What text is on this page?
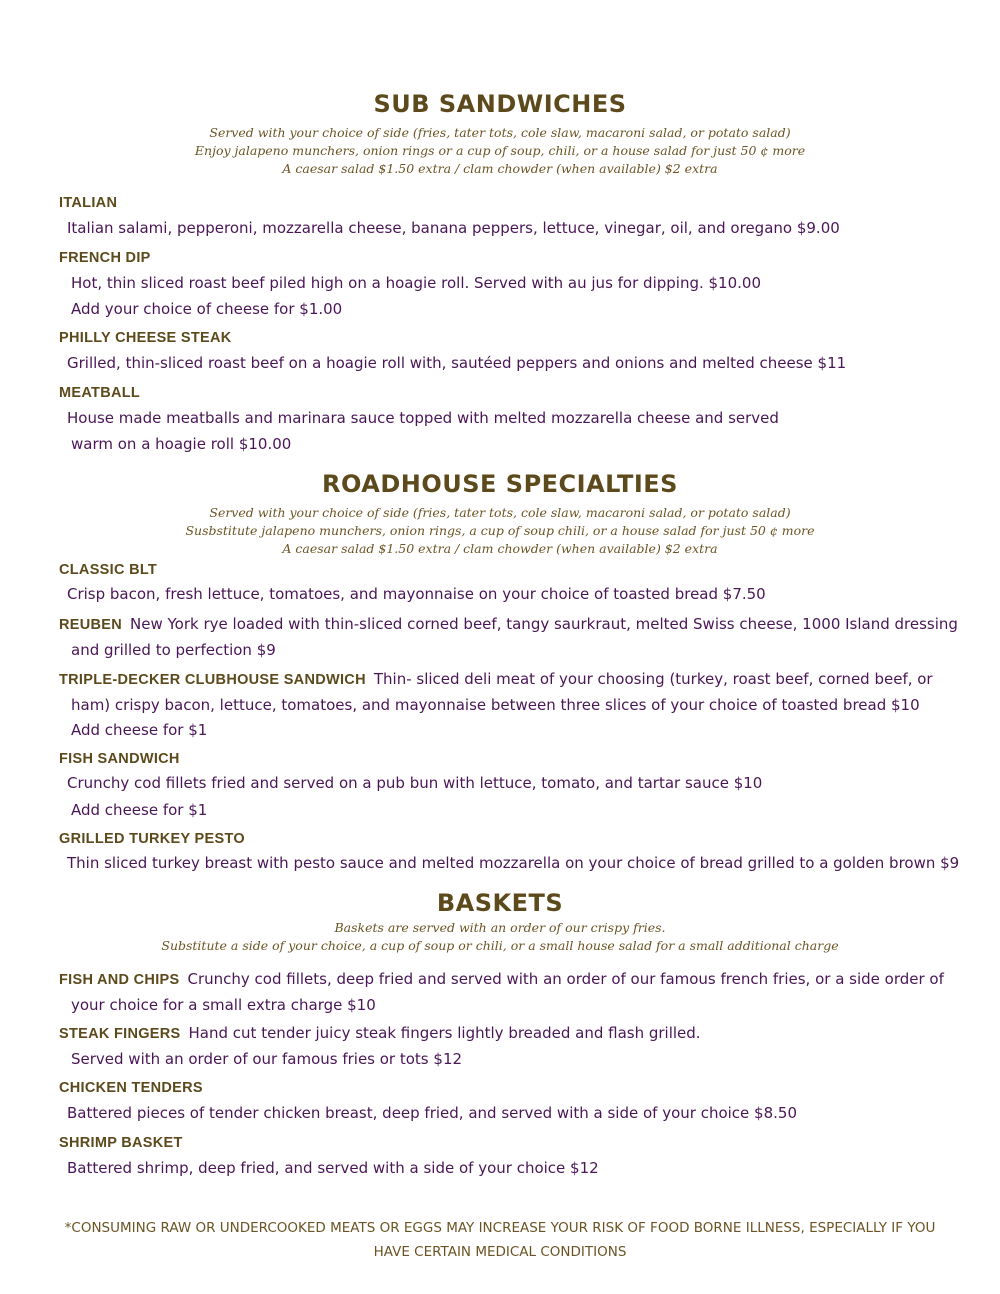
SUB SANDWICHES
Served with your choice of side (fries, tater tots, cole slaw, macaroni salad, or potato salad)
Enjoy jalapeno munchers, onion rings or a cup of soup, chili, or a house salad for just 50 ¢ more
A caesar salad $1.50 extra / clam chowder (when available) $2 extra
ITALIAN
Italian salami, pepperoni, mozzarella cheese, banana peppers, lettuce, vinegar, oil, and oregano $9.00
FRENCH DIP
Hot, thin sliced roast beef piled high on a hoagie roll. Served with au jus for dipping. $10.00
Add your choice of cheese for $1.00
PHILLY CHEESE STEAK
Grilled, thin-sliced roast beef on a hoagie roll with, sautéed peppers and onions and melted cheese $11
MEATBALL
House made meatballs and marinara sauce topped with melted mozzarella cheese and served
warm on a hoagie roll $10.00
ROADHOUSE SPECIALTIES
Served with your choice of side (fries, tater tots, cole slaw, macaroni salad, or potato salad)
Susbstitute jalapeno munchers, onion rings, a cup of soup chili, or a house salad for just 50 ¢ more
A caesar salad $1.50 extra / clam chowder (when available) $2 extra
CLASSIC BLT
Crisp bacon, fresh lettuce, tomatoes, and mayonnaise on your choice of toasted bread $7.50
REUBEN New York rye loaded with thin-sliced corned beef, tangy saurkraut, melted Swiss cheese, 1000 Island dressing
and grilled to perfection $9
TRIPLE-DECKER CLUBHOUSE SANDWICH Thin- sliced deli meat of your choosing (turkey, roast beef, corned beef, or
ham) crispy bacon, lettuce, tomatoes, and mayonnaise between three slices of your choice of toasted bread $10
Add cheese for $1
FISH SANDWICH
Crunchy cod fillets fried and served on a pub bun with lettuce, tomato, and tartar sauce $10
Add cheese for $1
GRILLED TURKEY PESTO
Thin sliced turkey breast with pesto sauce and melted mozzarella on your choice of bread grilled to a golden brown $9
BASKETS
Baskets are served with an order of our crispy fries.
Substitute a side of your choice, a cup of soup or chili, or a small house salad for a small additional charge
FISH AND CHIPS Crunchy cod fillets, deep fried and served with an order of our famous french fries, or a side order of
your choice for a small extra charge $10
STEAK FINGERS Hand cut tender juicy steak fingers lightly breaded and flash grilled.
Served with an order of our famous fries or tots $12
CHICKEN TENDERS
Battered pieces of tender chicken breast, deep fried, and served with a side of your choice $8.50
SHRIMP BASKET
Battered shrimp, deep fried, and served with a side of your choice $12
*CONSUMING RAW OR UNDERCOOKED MEATS OR EGGS MAY INCREASE YOUR RISK OF FOOD BORNE ILLNESS, ESPECIALLY IF YOU
HAVE CERTAIN MEDICAL CONDITIONS
